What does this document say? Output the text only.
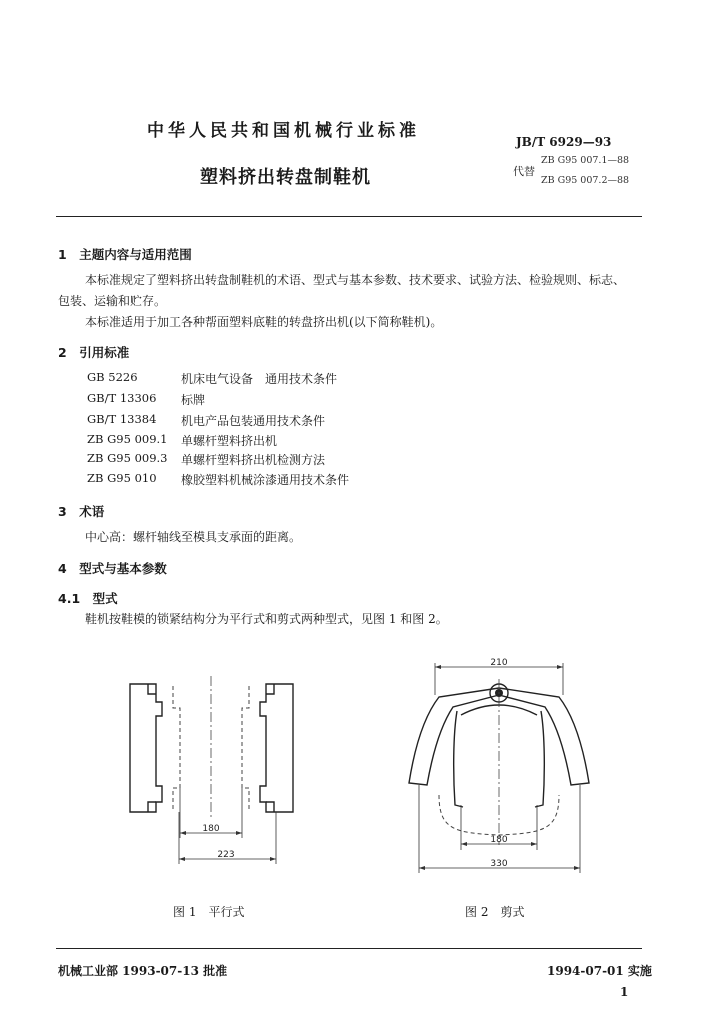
中华人民共和国机械行业标准
JB/T 6929—93
塑料挤出转盘制鞋机	代替
ZB G95 007.1—88
ZB G95 007.2—88
1　主题内容与适用范围
本标准规定了塑料挤出转盘制鞋机的术语、型式与基本参数、技术要求、试验方法、检验规则、标志、
包装、运输和贮存。
本标准适用于加工各种帮面塑料底鞋的转盘挤出机(以下简称鞋机)。
2　引用标准
GB 5226	机床电气设备　通用技术条件
GB/T 13306 标牌
GB/T 13384 机电产品包装通用技术条件
ZB G95 009.1 单螺杆塑料挤出机
ZB G95 009.3 单螺杆塑料挤出机检测方法
ZB G95 010 橡胶塑料机械涂漆通用技术条件
3　术语
中心高：螺杆轴线至模具支承面的距离。
4　型式与基本参数
4.1　型式
鞋机按鞋模的锁紧结构分为平行式和剪式两种型式，见图 1 和图 2。
180
223
图 1　平行式
210
180
330
图 2　剪式
机械工业部 1993-07-13 批准	1994-07-01 实施
1
